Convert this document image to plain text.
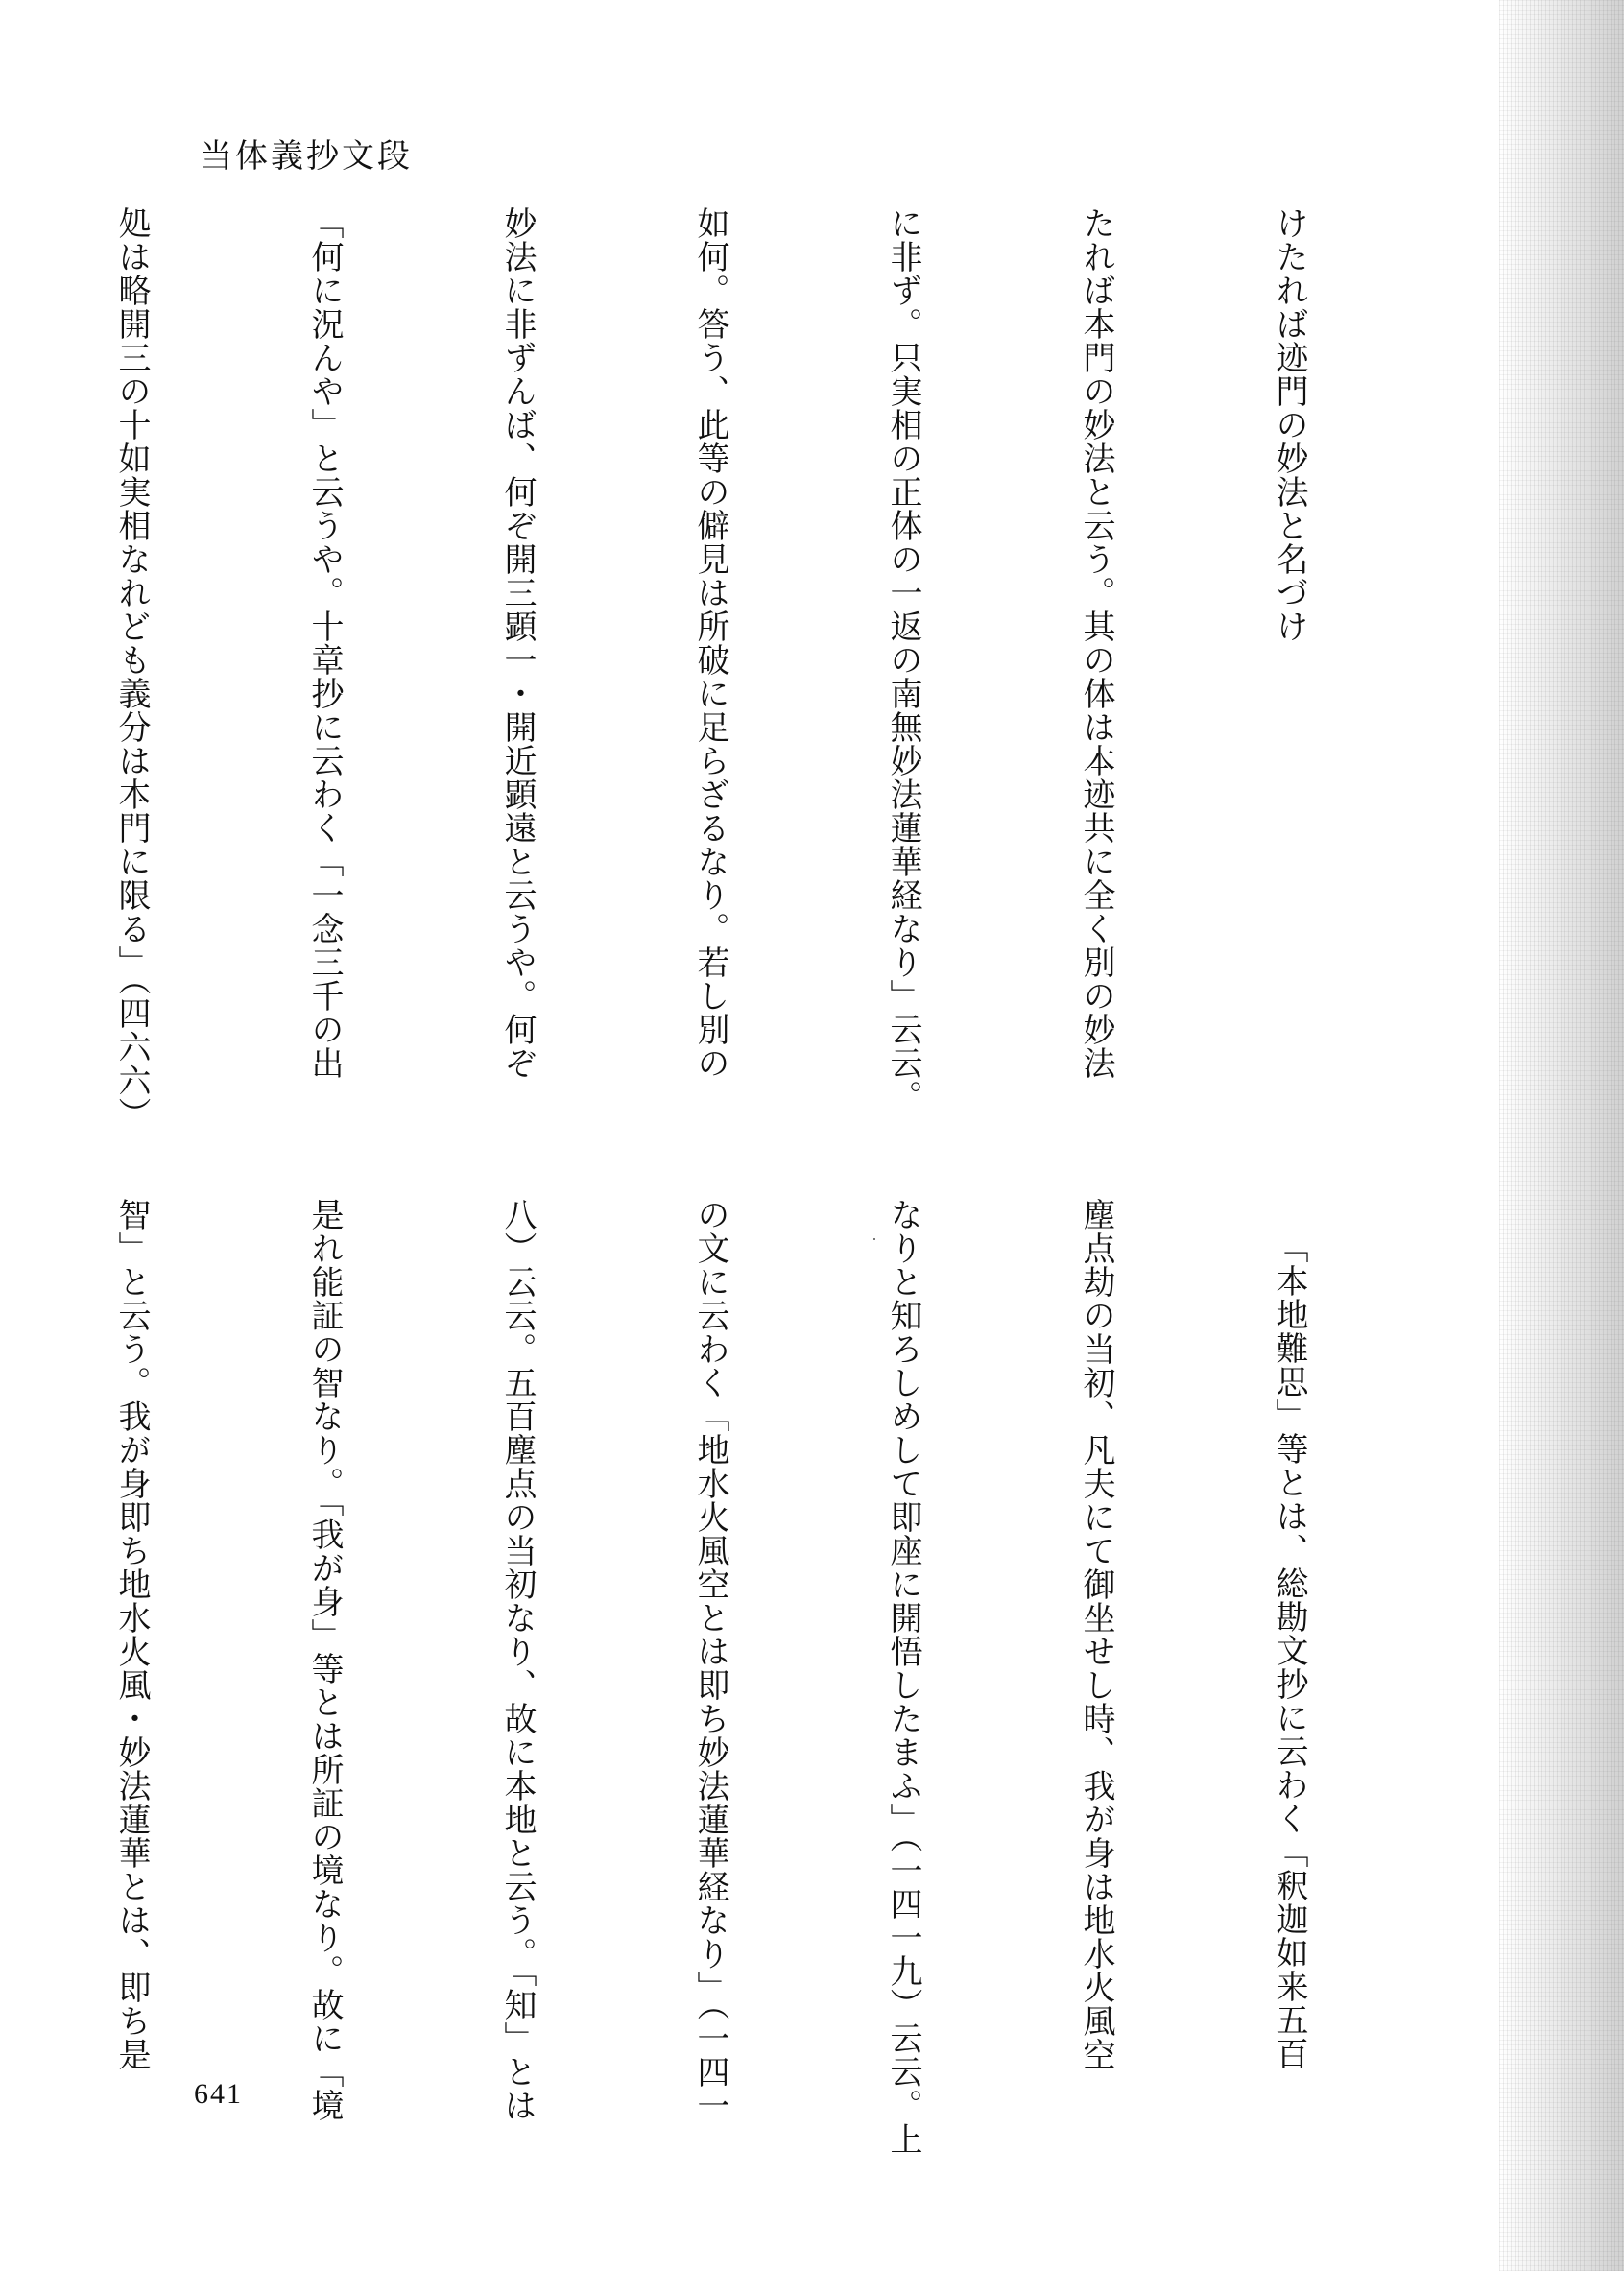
当体義抄文段

けたれば迹門の妙法と名づけ

たれば本門の妙法と云う。其の体は本迹共に全く別の妙法

に非ず。只実相の正体の一返の南無妙法蓮華経なり」云云。

如何。答う、此等の僻見は所破に足らざるなり。若し別の

妙法に非ずんば、何ぞ開三顕一・開近顕遠と云うや。何ぞ

「何に況んや」と云うや。十章抄に云わく「一念三千の出

処は略開三の十如実相なれども義分は本門に限る」（四六六）

「本地難思」等とは、総勘文抄に云わく「釈迦如来五百

塵点劫の当初、凡夫にて御坐せし時、我が身は地水火風空

なりと知ろしめして即座に開悟したまふ」（一四一九）云云。上

の文に云わく「地水火風空とは即ち妙法蓮華経なり」（一四一

八）云云。五百塵点の当初なり、故に本地と云う。「知」とは

是れ能証の智なり。「我が身」等とは所証の境なり。故に「境

智」と云う。我が身即ち地水火風・妙法蓮華とは、即ち是

641
